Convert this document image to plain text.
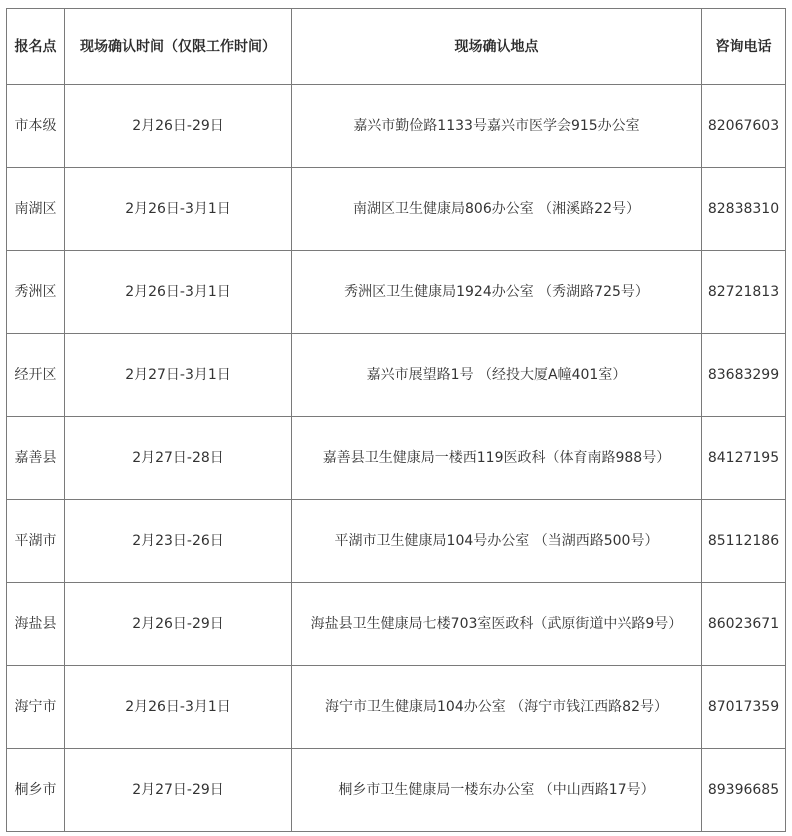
报名点	现场确认时间（仅限工作时间）	现场确认地点	咨询电话
市本级	2月26日-29日	嘉兴市勤俭路1133号嘉兴市医学会915办公室	82067603
南湖区	2月26日-3月1日	南湖区卫生健康局806办公室 （湘溪路22号）	82838310
秀洲区	2月26日-3月1日	秀洲区卫生健康局1924办公室 （秀湖路725号）	82721813
经开区	2月27日-3月1日	嘉兴市展望路1号 （经投大厦A幢401室）	83683299
嘉善县	2月27日-28日	嘉善县卫生健康局一楼西119医政科（体育南路988号）	84127195
平湖市	2月23日-26日	平湖市卫生健康局104号办公室 （当湖西路500号）	85112186
海盐县	2月26日-29日	海盐县卫生健康局七楼703室医政科（武原街道中兴路9号）	86023671
海宁市	2月26日-3月1日	海宁市卫生健康局104办公室 （海宁市钱江西路82号）	87017359
桐乡市	2月27日-29日	桐乡市卫生健康局一楼东办公室 （中山西路17号）	89396685
